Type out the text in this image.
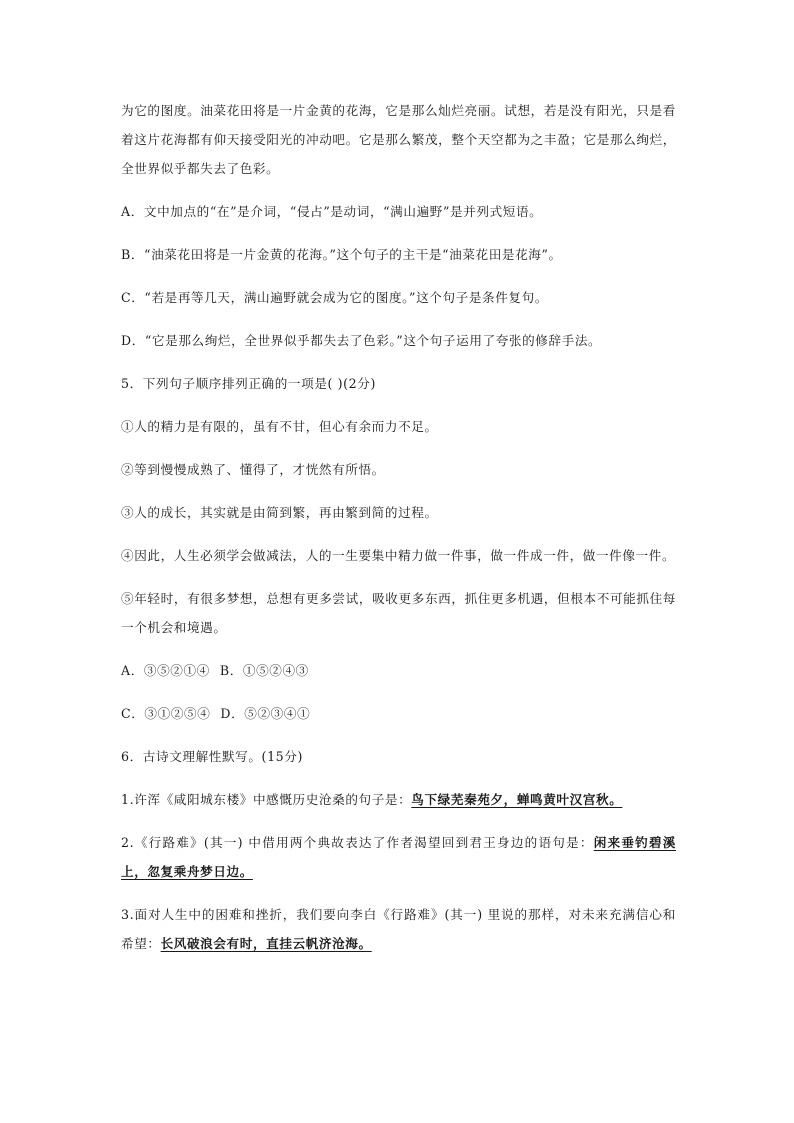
为它的图度。油菜花田将是一片金黄的花海，它是那么灿烂亮丽。试想，若是没有阳光，只是看着这片花海都有仰天接受阳光的冲动吧。它是那么繁茂，整个天空都为之丰盈；它是那么绚烂，全世界似乎都失去了色彩。

A．文中加点的“在”是介词，“侵占”是动词，“满山遍野”是并列式短语。

B．“油菜花田将是一片金黄的花海。”这个句子的主干是“油菜花田是花海”。

C．“若是再等几天，满山遍野就会成为它的图度。”这个句子是条件复句。

D．“它是那么绚烂，全世界似乎都失去了色彩。”这个句子运用了夸张的修辞手法。

5．下列句子顺序排列正确的一项是( )(2分)

①人的精力是有限的，虽有不甘，但心有余而力不足。

②等到慢慢成熟了、懂得了，才恍然有所悟。

③人的成长，其实就是由简到繁，再由繁到简的过程。

④因此，人生必须学会做减法，人的一生要集中精力做一件事，做一件成一件，做一件像一件。

⑤年轻时，有很多梦想，总想有更多尝试，吸收更多东西，抓住更多机遇，但根本不可能抓住每一个机会和境遇。

A．③⑤②①④ B．①⑤②④③

C．③①②⑤④ D．⑤②③④①

6．古诗文理解性默写。(15分)

1.许浑《咸阳城东楼》中感慨历史沧桑的句子是：鸟下绿芜秦苑夕，蝉鸣黄叶汉宫秋。

2.《行路难》(其一) 中借用两个典故表达了作者渴望回到君王身边的语句是：闲来垂钓碧溪上，忽复乘舟梦日边。

3.面对人生中的困难和挫折，我们要向李白《行路难》(其一) 里说的那样，对未来充满信心和希望：长风破浪会有时，直挂云帆济沧海。
